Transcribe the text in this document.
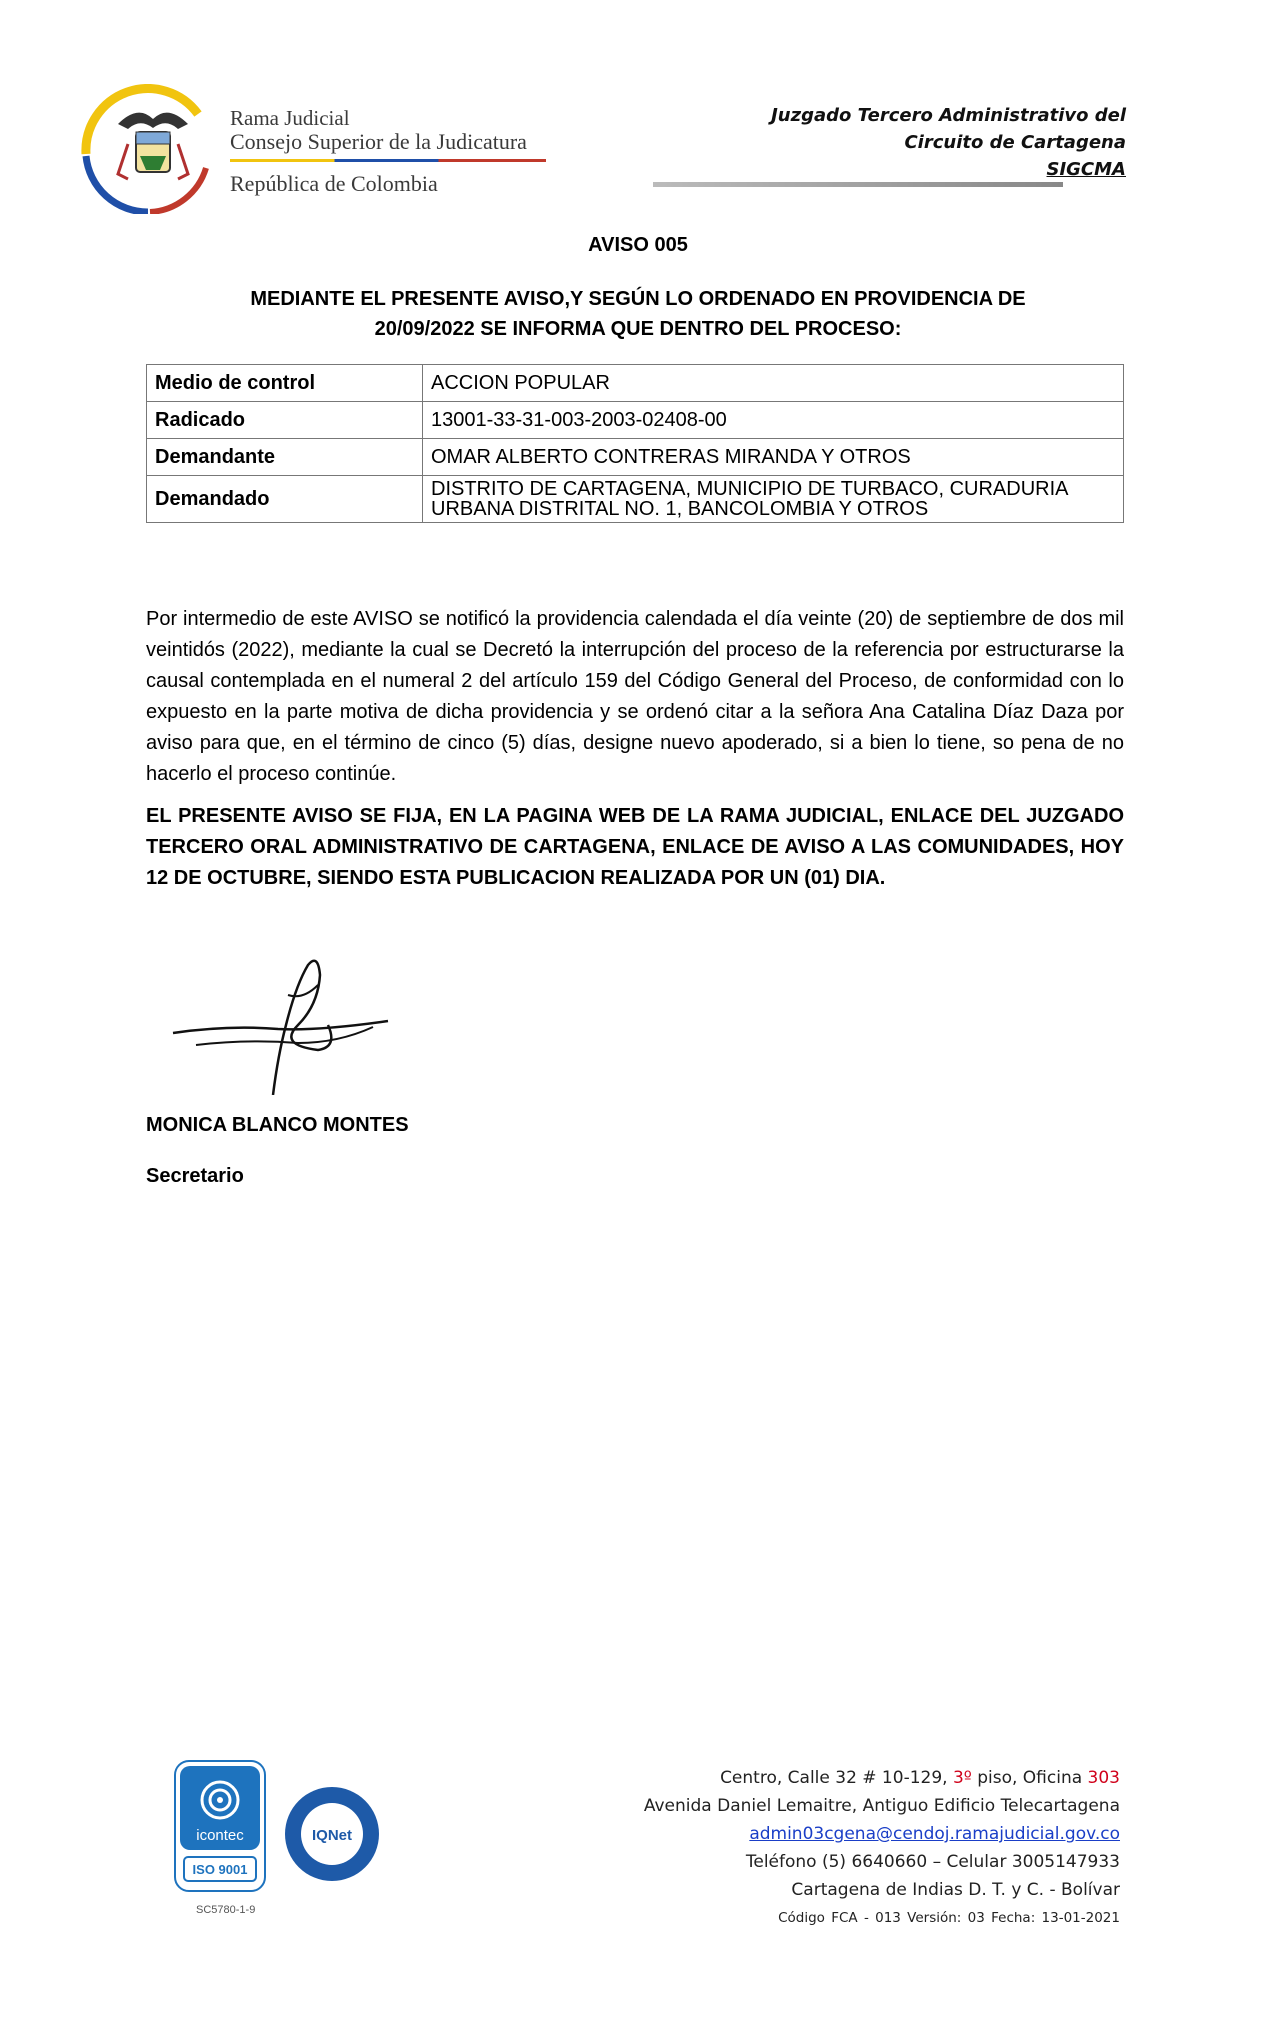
Rama Judicial
Consejo Superior de la Judicatura
República de Colombia
Juzgado Tercero Administrativo del
Circuito de Cartagena
SIGCMA
AVISO 005
MEDIANTE EL PRESENTE AVISO,Y SEGÚN LO ORDENADO EN PROVIDENCIA DE
20/09/2022 SE INFORMA QUE DENTRO DEL PROCESO:
Medio de control	ACCION POPULAR
Radicado	13001-33-31-003-2003-02408-00
Demandante	OMAR ALBERTO CONTRERAS MIRANDA Y OTROS
Demandado	DISTRITO DE CARTAGENA, MUNICIPIO DE TURBACO, CURADURIA URBANA DISTRITAL NO. 1, BANCOLOMBIA Y OTROS
Por intermedio de este AVISO se notificó la providencia calendada el día veinte (20) de septiembre de dos mil veintidós (2022), mediante la cual se Decretó la interrupción del proceso de la referencia por estructurarse la causal contemplada en el numeral 2 del artículo 159 del Código General del Proceso, de conformidad con lo expuesto en la parte motiva de dicha providencia y se ordenó citar a la señora Ana Catalina Díaz Daza por aviso para que, en el término de cinco (5) días, designe nuevo apoderado, si a bien lo tiene, so pena de no hacerlo el proceso continúe.
EL PRESENTE AVISO SE FIJA, EN LA PAGINA WEB DE LA RAMA JUDICIAL, ENLACE DEL JUZGADO TERCERO ORAL ADMINISTRATIVO DE CARTAGENA, ENLACE DE AVISO A LAS COMUNIDADES, HOY 12 DE OCTUBRE, SIENDO ESTA PUBLICACION REALIZADA POR UN (01) DIA.
MONICA BLANCO MONTES
Secretario
icontec
ISO 9001
SC5780-1-9
IQNet
Centro, Calle 32 # 10-129, 3º piso, Oficina 303
Avenida Daniel Lemaitre, Antiguo Edificio Telecartagena
admin03cgena@cendoj.ramajudicial.gov.co
Teléfono (5) 6640660 – Celular 3005147933
Cartagena de Indias D. T. y C. - Bolívar
Código FCA - 013 Versión: 03 Fecha: 13-01-2021
